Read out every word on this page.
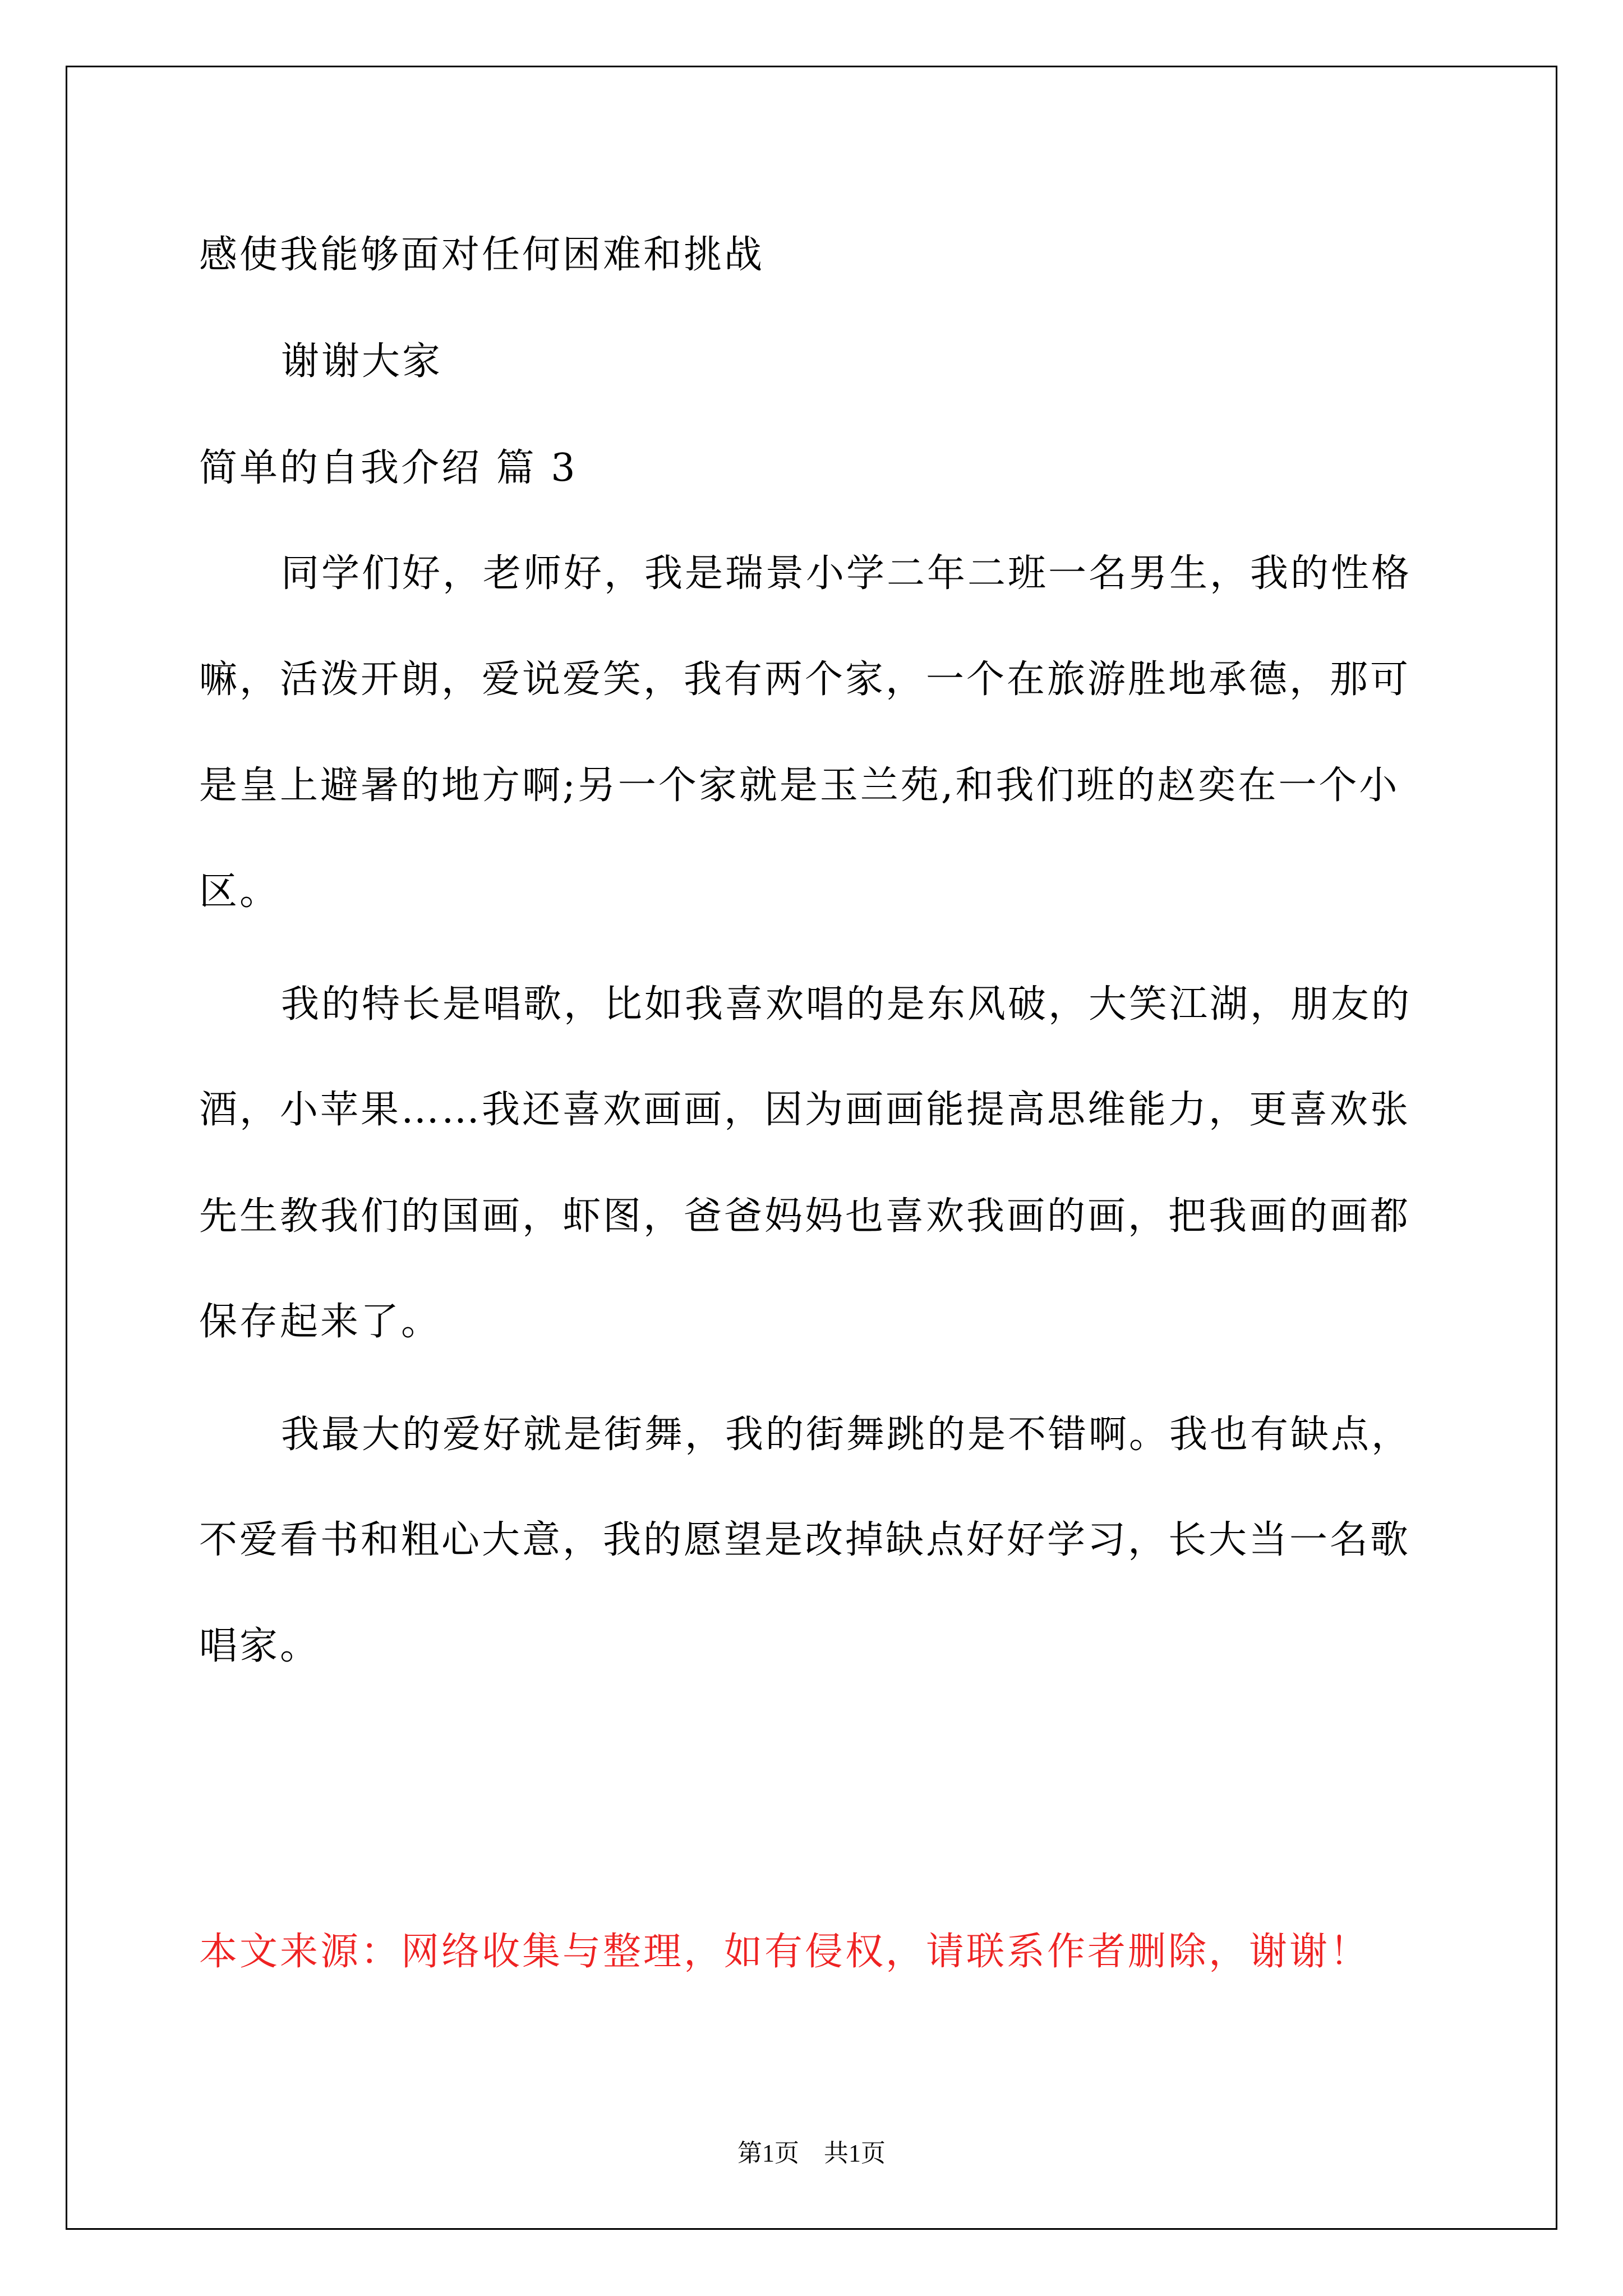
感使我能够面对任何困难和挑战
谢谢大家
简单的自我介绍 篇 3
同学们好，老师好，我是瑞景小学二年二班一名男生，我的性格
嘛，活泼开朗，爱说爱笑，我有两个家，一个在旅游胜地承德，那可
是皇上避暑的地方啊;另一个家就是玉兰苑,和我们班的赵奕在一个小
区。
我的特长是唱歌，比如我喜欢唱的是东风破，大笑江湖，朋友的
酒，小苹果……我还喜欢画画，因为画画能提高思维能力，更喜欢张
先生教我们的国画，虾图，爸爸妈妈也喜欢我画的画，把我画的画都
保存起来了。
我最大的爱好就是街舞，我的街舞跳的是不错啊。我也有缺点，
不爱看书和粗心大意，我的愿望是改掉缺点好好学习，长大当一名歌
唱家。
本文来源：网络收集与整理，如有侵权，请联系作者删除，谢谢！
第1页　共1页
